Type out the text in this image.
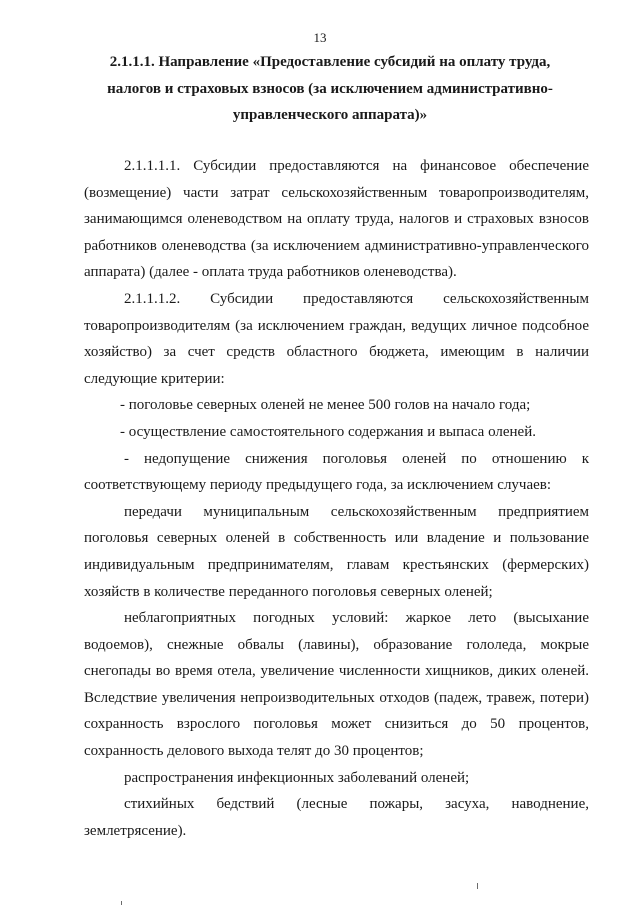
13
2.1.1.1. Направление «Предоставление субсидий на оплату труда,
налогов и страховых взносов (за исключением административно-
управленческого аппарата)»

2.1.1.1.1. Субсидии предоставляются на финансовое обеспечение (возмещение) части затрат сельскохозяйственным товаропроизводителям, занимающимся оленеводством на оплату труда, налогов и страховых взносов работников оленеводства (за исключением административно-управленческого аппарата) (далее - оплата труда работников оленеводства).

2.1.1.1.2. Субсидии предоставляются сельскохозяйственным товаропроизводителям (за исключением граждан, ведущих личное подсобное хозяйство) за счет средств областного бюджета, имеющим в наличии следующие критерии:

- поголовье северных оленей не менее 500 голов на начало года;

- осуществление самостоятельного содержания и выпаса оленей.

- недопущение снижения поголовья оленей по отношению к соответствующему периоду предыдущего года, за исключением случаев:

передачи муниципальным сельскохозяйственным предприятием поголовья северных оленей в собственность или владение и пользование индивидуальным предпринимателям, главам крестьянских (фермерских) хозяйств в количестве переданного поголовья северных оленей;

неблагоприятных погодных условий: жаркое лето (высыхание водоемов), снежные обвалы (лавины), образование гололеда, мокрые снегопады во время отела, увеличение численности хищников, диких оленей. Вследствие увеличения непроизводительных отходов (падеж, травеж, потери) сохранность взрослого поголовья может снизиться до 50 процентов, сохранность делового выхода телят до 30 процентов;

распространения инфекционных заболеваний оленей;

стихийных бедствий (лесные пожары, засуха, наводнение, землетрясение).
